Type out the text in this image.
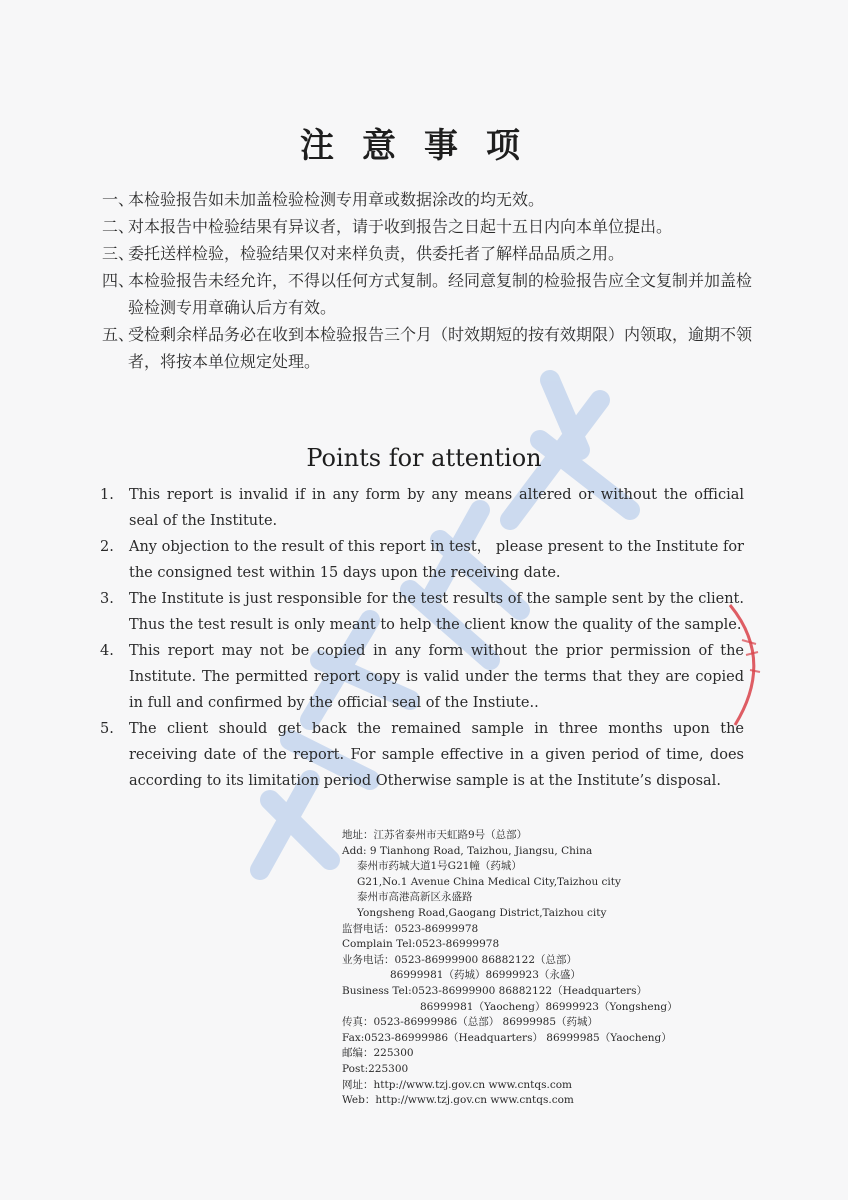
注意事项
一、
本检验报告如未加盖检验检测专用章或数据涂改的均无效。
二、
对本报告中检验结果有异议者，请于收到报告之日起十五日内向本单位提出。
三、
委托送样检验，检验结果仅对来样负责，供委托者了解样品品质之用。
四、
本检验报告未经允许，不得以任何方式复制。经同意复制的检验报告应全文复制并加盖检验检测专用章确认后方有效。
五、
受检剩余样品务必在收到本检验报告三个月（时效期短的按有效期限）内领取，逾期不领者，将按本单位规定处理。
Points for attention
1.	This report is invalid if in any form by any means altered or without the official seal of the Institute.
2.	Any objection to the result of this report in test， please present to the Institute for the consigned test within 15 days upon the receiving date.
3.	The Institute is just responsible for the test results of the sample sent by the client. Thus the test result is only meant to help the client know the quality of the sample.
4.	This report may not be copied in any form without the prior permission of the Institute. The permitted report copy is valid under the terms that they are copied in full and confirmed by the official seal of the Instiute..
5.	The client should get back the remained sample in three months upon the receiving date of the report. For sample effective in a given period of time, does according to its limitation period Otherwise sample is at the Institute’s disposal.
地址：江苏省泰州市天虹路9号（总部）
Add: 9 Tianhong Road, Taizhou, Jiangsu, China
泰州市药城大道1号G21幢（药城）
G21,No.1 Avenue China Medical City,Taizhou city
泰州市高港高新区永盛路
Yongsheng Road,Gaogang District,Taizhou city
监督电话：0523-86999978
Complain Tel:0523-86999978
业务电话：0523-86999900 86882122（总部）
86999981（药城）86999923（永盛）
Business Tel:0523-86999900 86882122（Headquarters）
86999981（Yaocheng）86999923（Yongsheng）
传真：0523-86999986（总部） 86999985（药城）
Fax:0523-86999986（Headquarters） 86999985（Yaocheng）
邮编：225300
Post:225300
网址：http://www.tzj.gov.cn www.cntqs.com
Web：http://www.tzj.gov.cn www.cntqs.com
